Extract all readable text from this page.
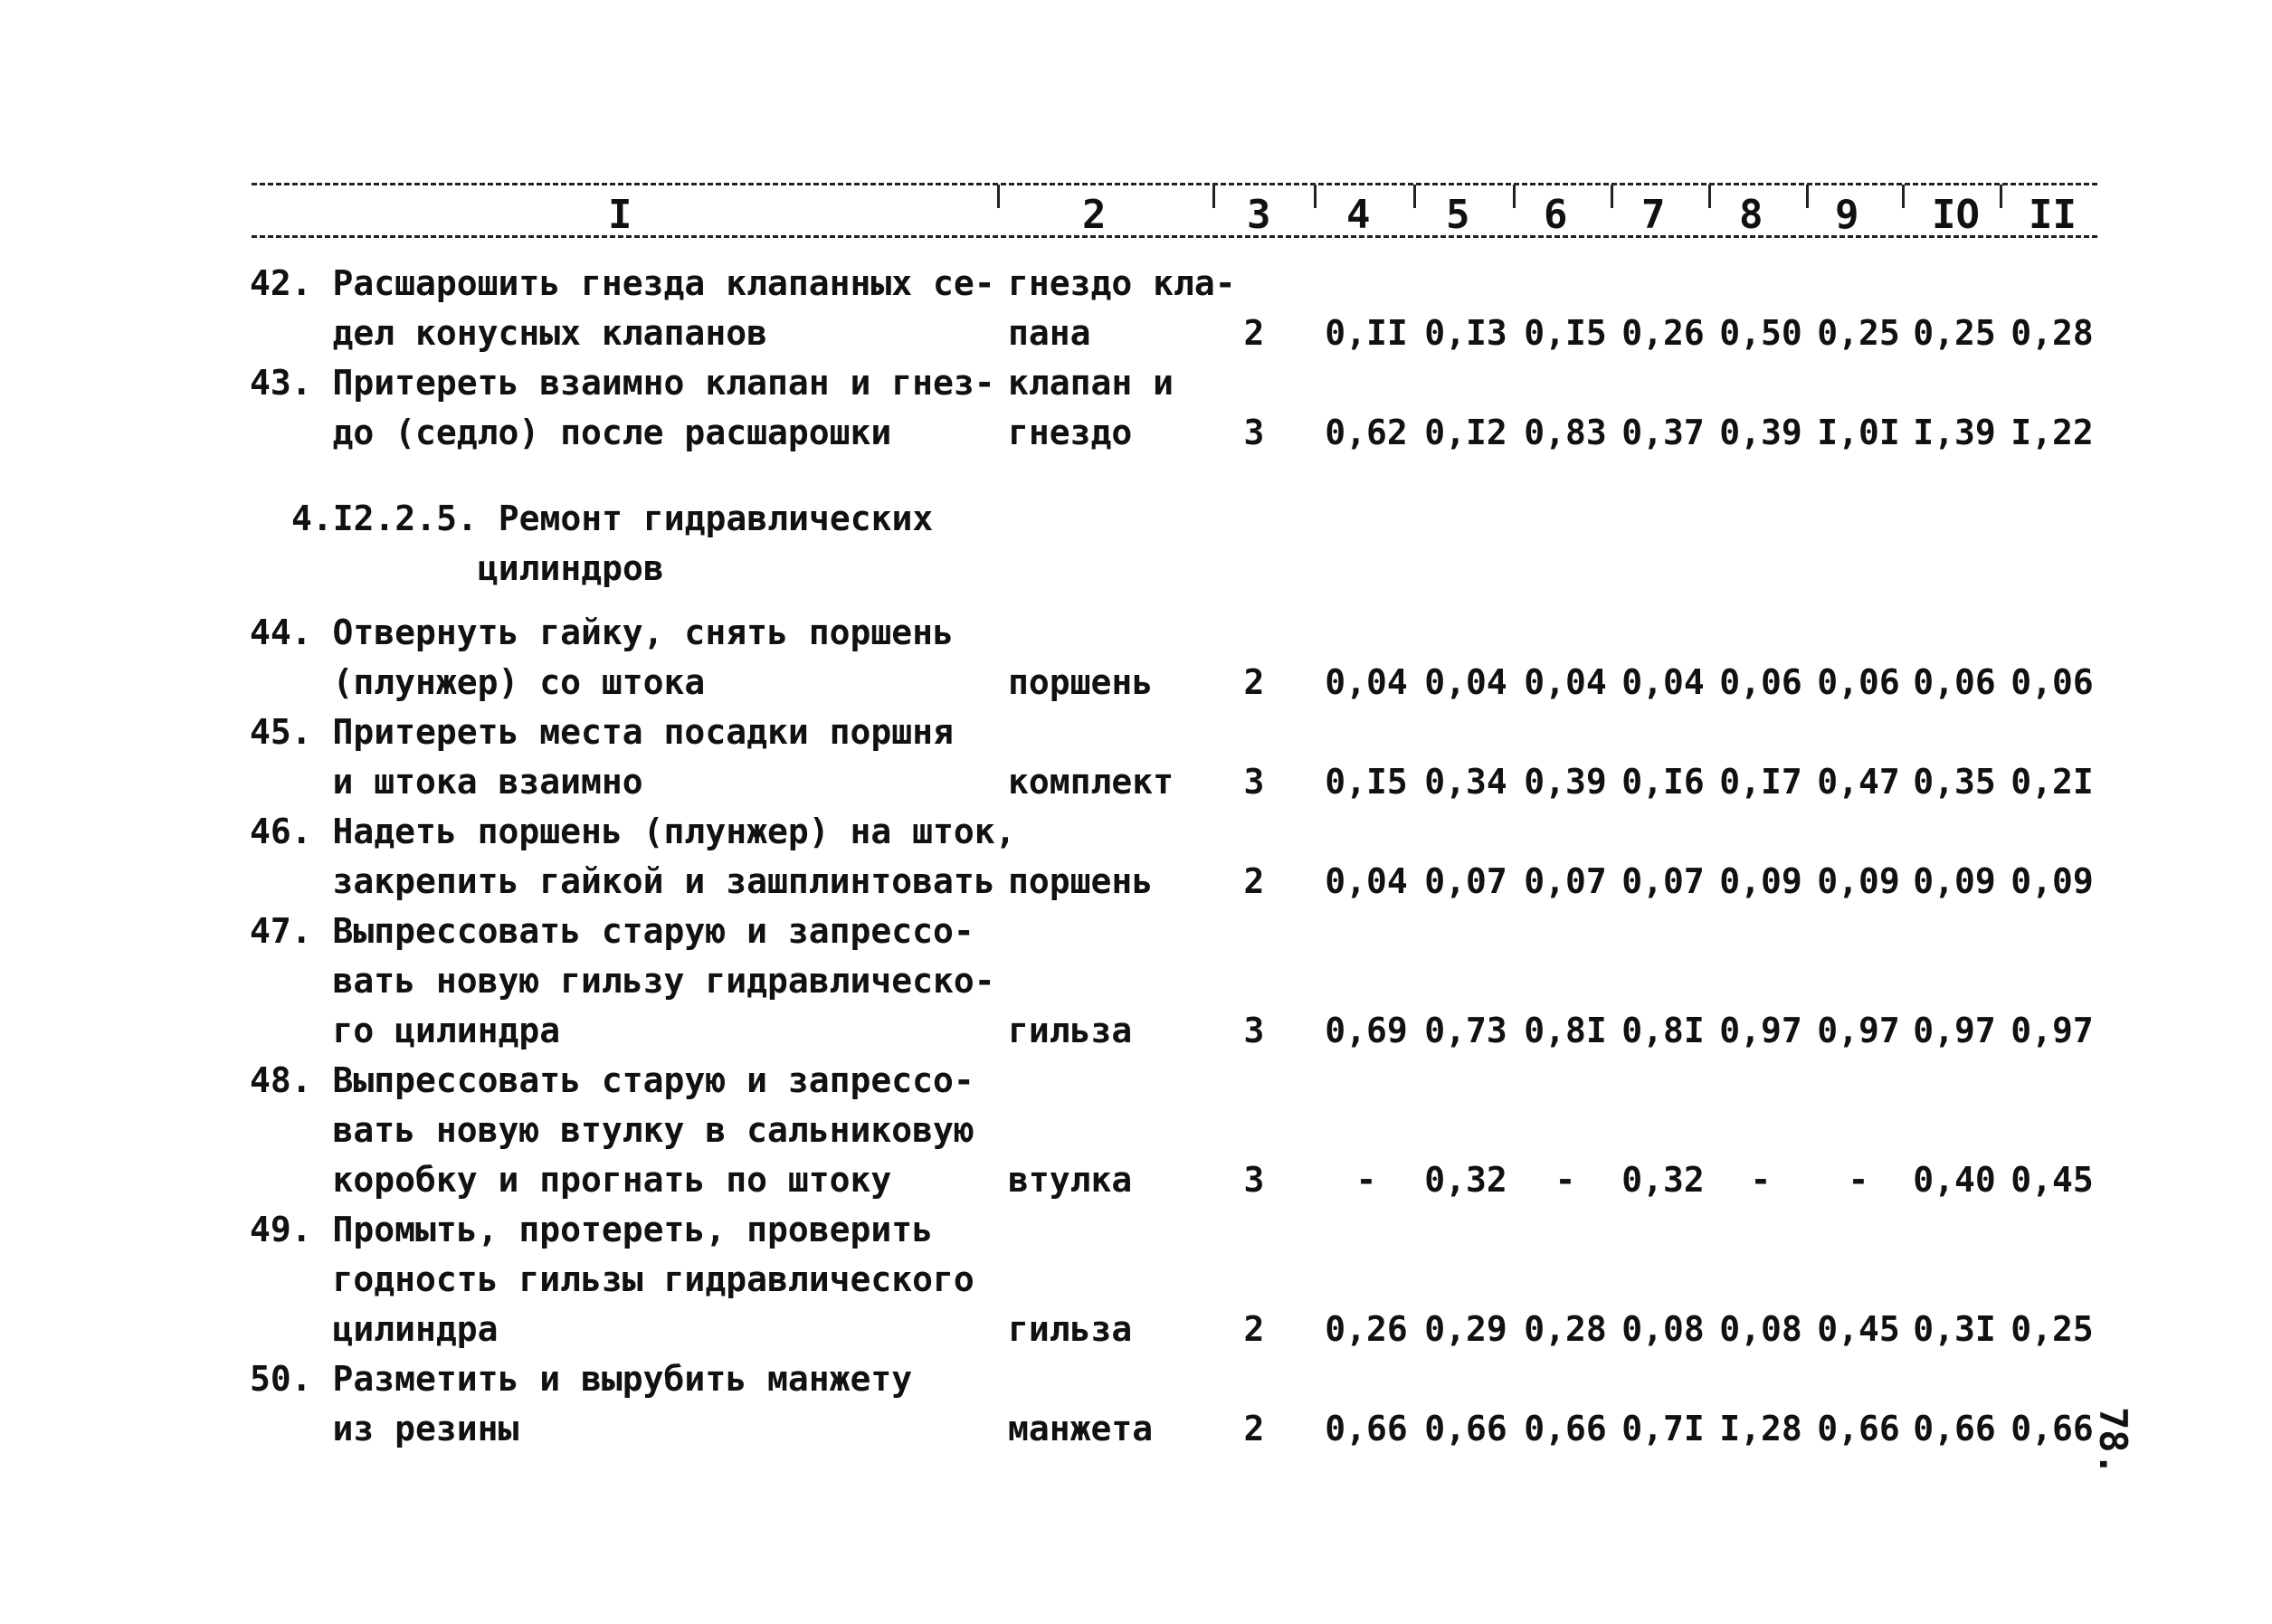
I	2	3 4 5 6 7 8 9 IO II
42. Расшарошить гнезда клапанных се-
дел конусных клапанов
гнездо кла-
пана	2	0,II 0,I3 0,I5 0,26 0,50 0,25 0,25 0,28
43. Притереть взаимно клапан и гнез-
до (седло) после расшарошки
клапан и
гнездо	3	0,62 0,I2 0,83 0,37 0,39 I,0I I,39 I,22
4.I2.2.5. Ремонт гидравлических
цилиндров
44. Отвернуть гайку, снять поршень
(плунжер) со штока	поршень	2	0,04 0,04 0,04 0,04 0,06 0,06 0,06 0,06
45. Притереть места посадки поршня
и штока взаимно	комплект	3	0,I5 0,34 0,39 0,I6 0,I7 0,47 0,35 0,2I
46. Надеть поршень (плунжер) на шток,
закрепить гайкой и зашплинтовать поршень	2	0,04 0,07 0,07 0,07 0,09 0,09 0,09 0,09
47. Выпрессовать старую и запрессо-
вать новую гильзу гидравлическо-
го цилиндра	гильза	3	0,69 0,73 0,8I 0,8I 0,97 0,97 0,97 0,97
48. Выпрессовать старую и запрессо-
вать новую втулку в сальниковую
коробку и прогнать по штоку	втулка	3	-	0,32	-	0,32	-	-	0,40 0,45
49. Промыть, протереть, проверить
годность гильзы гидравлического
цилиндра	гильза	2	0,26 0,29 0,28 0,08 0,08 0,45 0,3I 0,25
50. Разметить и вырубить манжету
из резины	манжета	2	0,66 0,66 0,66 0,7I I,28 0,66 0,66 0,66
78.
